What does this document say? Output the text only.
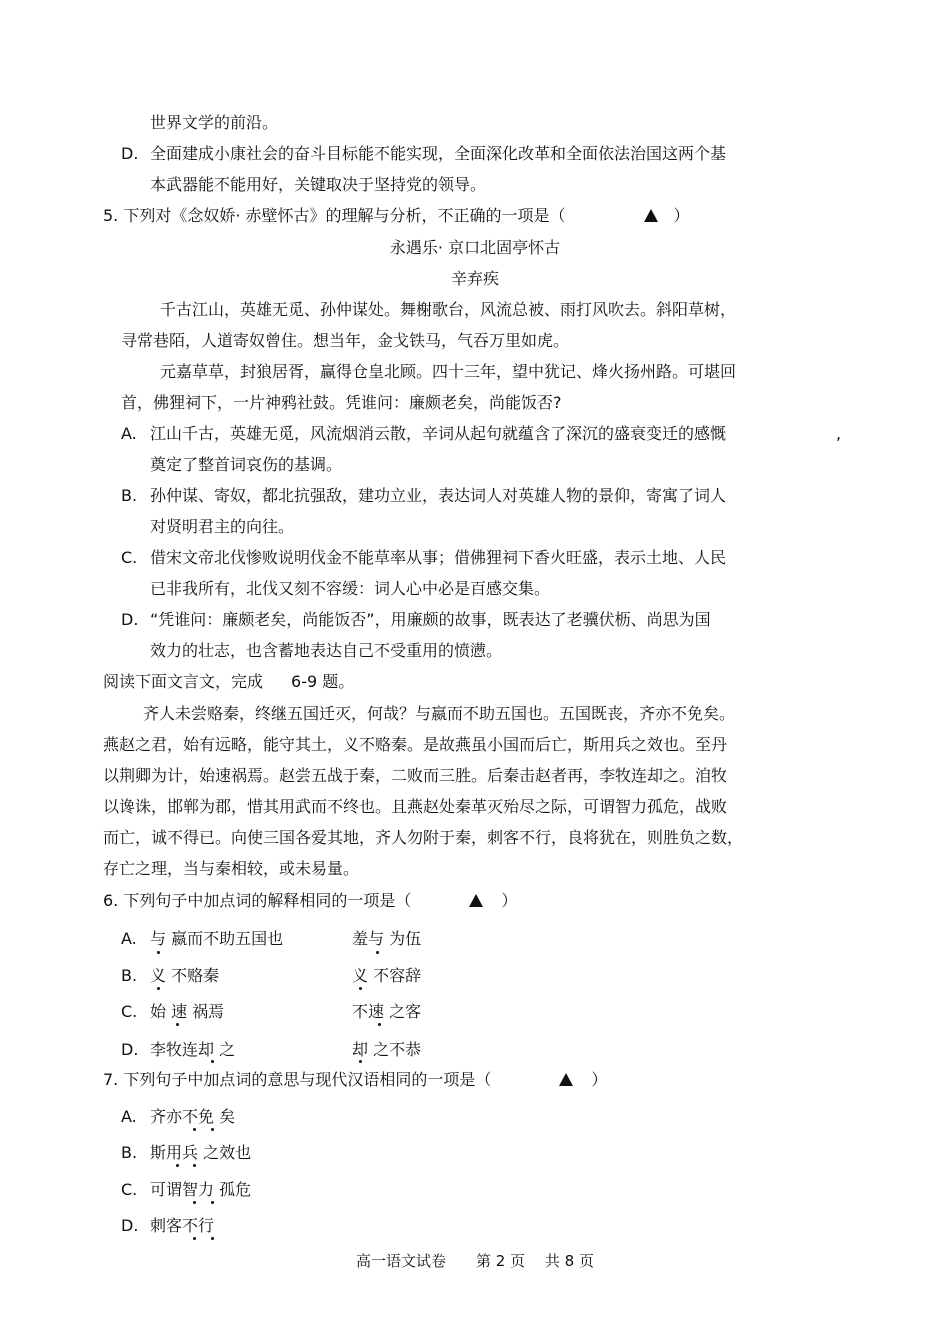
世界文学的前沿。
D. 全面建成小康社会的奋斗目标能不能实现，全面深化改革和全面依法治国这两个基
本武器能不能用好，关键取决于坚持党的领导。
5. 下列对《念奴娇· 赤壁怀古》的理解与分析，不正确的一项是（	）
永遇乐· 京口北固亭怀古
辛弃疾
千古江山，英雄无觅、孙仲谋处。舞榭歌台，风流总被、雨打风吹去。斜阳草树，
寻常巷陌，人道寄奴曾住。想当年，金戈铁马，气吞万里如虎。
元嘉草草，封狼居胥，赢得仓皇北顾。四十三年，望中犹记、烽火扬州路。可堪回
首，佛狸祠下，一片神鸦社鼓。凭谁问：廉颇老矣，尚能饭否?
A. 江山千古，英雄无觅，风流烟消云散，辛词从起句就蕴含了深沉的盛衰变迁的感慨	,
奠定了整首词哀伤的基调。
B. 孙仲谋、寄奴，都北抗强敌，建功立业，表达词人对英雄人物的景仰，寄寓了词人
对贤明君主的向往。
C. 借宋文帝北伐惨败说明伐金不能草率从事；借佛狸祠下香火旺盛，表示土地、人民
已非我所有，北伐又刻不容缓：词人心中必是百感交集。
D. “凭谁问：廉颇老矣，尚能饭否”，用廉颇的故事，既表达了老骥伏枥、尚思为国
效力的壮志，也含蓄地表达自己不受重用的愤懑。
阅读下面文言文，完成 6-9 题。
齐人未尝赂秦，终继五国迁灭，何哉？与嬴而不助五国也。五国既丧，齐亦不免矣。
燕赵之君，始有远略，能守其土，义不赂秦。是故燕虽小国而后亡，斯用兵之效也。至丹
以荆卿为计，始速祸焉。赵尝五战于秦，二败而三胜。后秦击赵者再，李牧连却之。洎牧
以谗诛，邯郸为郡，惜其用武而不终也。且燕赵处秦革灭殆尽之际，可谓智力孤危，战败
而亡，诚不得已。向使三国各爱其地，齐人勿附于秦，刺客不行，良将犹在，则胜负之数，
存亡之理，当与秦相较，或未易量。
6. 下列句子中加点词的解释相同的一项是（	）
A. 与 嬴而不助五国也	羞与 为伍
B. 义 不赂秦	义 不容辞
C. 始 速 祸焉	不速 之客
D. 李牧连却 之	却 之不恭
7. 下列句子中加点词的意思与现代汉语相同的一项是（	）
A. 齐亦不免 矣
B. 斯用兵 之效也
C. 可谓智力 孤危
D. 刺客不行
高一语文试卷　　第 2 页　 共 8 页
